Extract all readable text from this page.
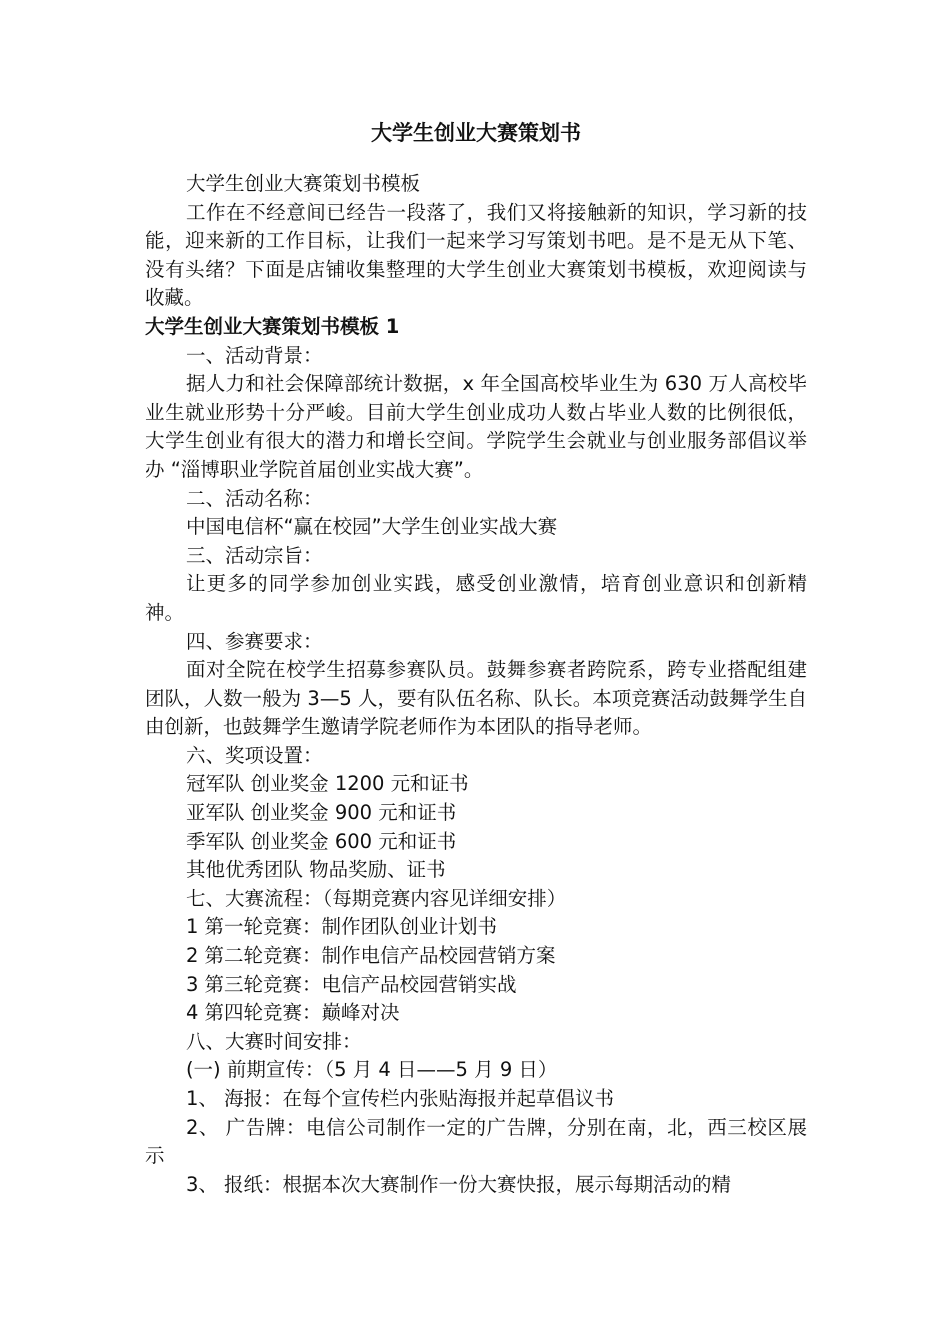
大学生创业大赛策划书

大学生创业大赛策划书模板

工作在不经意间已经告一段落了，我们又将接触新的知识，学习新的技能，迎来新的工作目标，让我们一起来学习写策划书吧。是不是无从下笔、没有头绪？下面是店铺收集整理的大学生创业大赛策划书模板，欢迎阅读与收藏。

大学生创业大赛策划书模板 1

一、活动背景：

据人力和社会保障部统计数据，x 年全国高校毕业生为 630 万人高校毕业生就业形势十分严峻。目前大学生创业成功人数占毕业人数的比例很低，大学生创业有很大的潜力和增长空间。学院学生会就业与创业服务部倡议举办 “淄博职业学院首届创业实战大赛”。

二、活动名称：

中国电信杯“赢在校园”大学生创业实战大赛

三、活动宗旨：

让更多的同学参加创业实践，感受创业激情，培育创业意识和创新精神。

四、参赛要求：

面对全院在校学生招募参赛队员。鼓舞参赛者跨院系，跨专业搭配组建团队，人数一般为 3—5 人，要有队伍名称、队长。本项竞赛活动鼓舞学生自由创新，也鼓舞学生邀请学院老师作为本团队的指导老师。

六、奖项设置：

冠军队 创业奖金 1200 元和证书

亚军队 创业奖金 900 元和证书

季军队 创业奖金 600 元和证书

其他优秀团队 物品奖励、证书

七、大赛流程：（每期竞赛内容见详细安排）

1 第一轮竞赛：制作团队创业计划书

2 第二轮竞赛：制作电信产品校园营销方案

3 第三轮竞赛：电信产品校园营销实战

4 第四轮竞赛：巅峰对决

八、大赛时间安排：

(一) 前期宣传：（5 月 4 日——5 月 9 日）

1、 海报：在每个宣传栏内张贴海报并起草倡议书

2、 广告牌：电信公司制作一定的广告牌，分别在南，北，西三校区展示

3、 报纸：根据本次大赛制作一份大赛快报，展示每期活动的精
